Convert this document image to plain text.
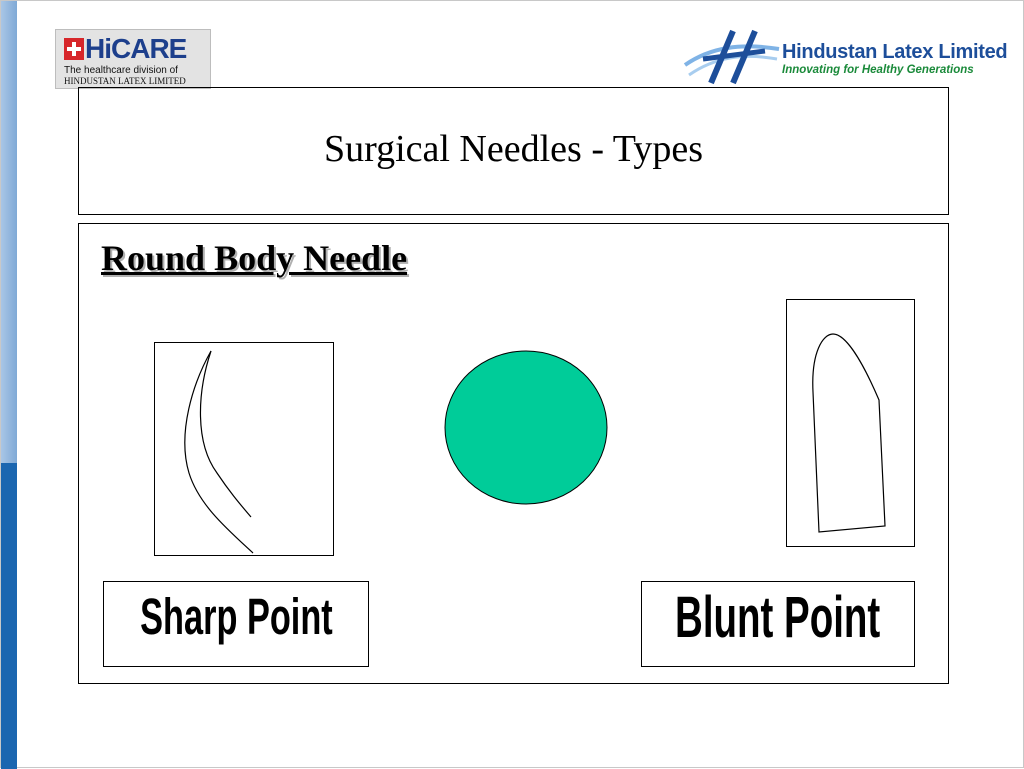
HiCARE
The healthcare division of
HINDUSTAN LATEX LIMITED
Hindustan Latex Limited
Innovating for Healthy Generations
Surgical Needles - Types
Round Body Needle
Sharp Point	Blunt Point
